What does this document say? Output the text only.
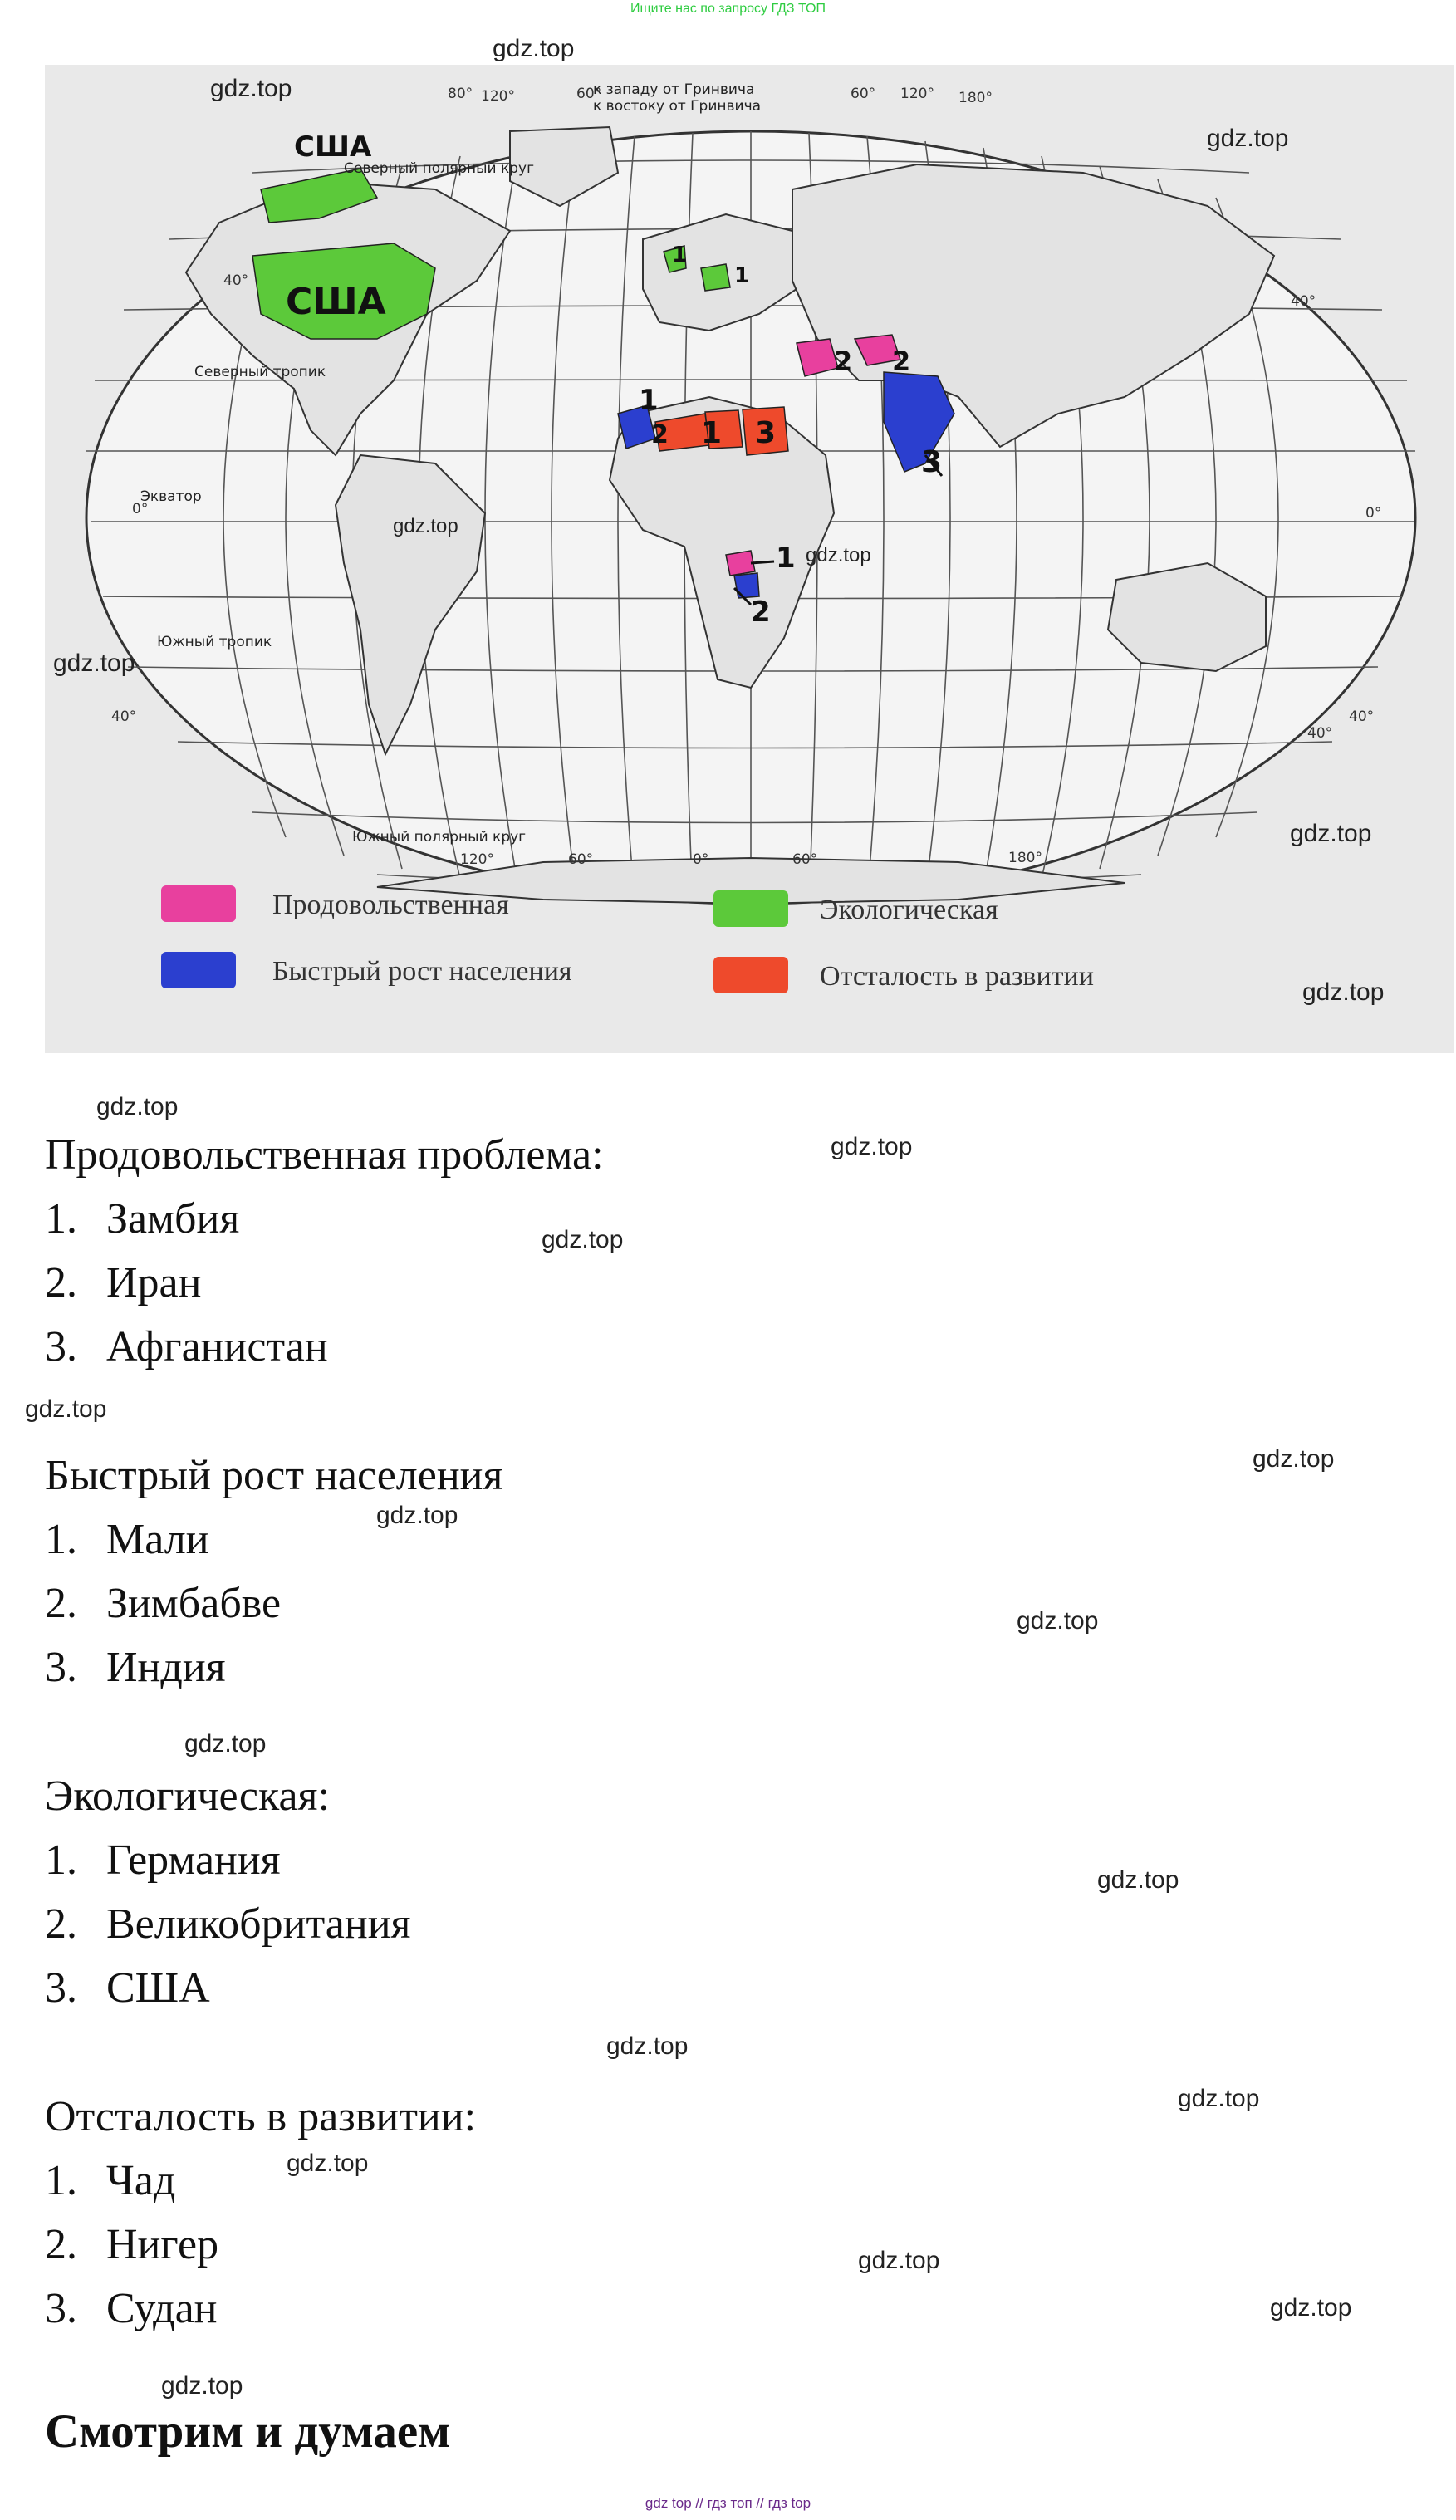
Ищите нас по запросу ГДЗ ТОП
к западу от Гринвича
к востоку от Гринвича
Северный полярный круг
Северный тропик
Экватор
Южный тропик
Южный полярный круг
120°
80°	60°
40°
0°
40°
60° 120° 180°
40°
0°
40°
40°
120°	60°	0°	60°	180°
США
США
1
1
2 2
1
2 1 3
3
1
2
Продовольственная
Быстрый рост населения
Экологическая
Отсталость в развитии
gdz.top
gdz.top
gdz.top
gdz.top
gdz.top
gdz.top
gdz.top
gdz.top
Продовольственная проблема:
1. Замбия
2. Иран
3. Афганистан
Быстрый рост населения
1. Мали
2. Зимбабве
3. Индия
Экологическая:
1. Германия
2. Великобритания
3. США
Отсталость в развитии:
1. Чад
2. Нигер
3. Судан
Смотрим и думаем
gdz.top
gdz.top
gdz.top
gdz.top
gdz.top
gdz.top
gdz.top
gdz.top
gdz.top
gdz.top
gdz.top
gdz.top
gdz.top
gdz.top
gdz.top
gdz top // гдз топ // гдз top
